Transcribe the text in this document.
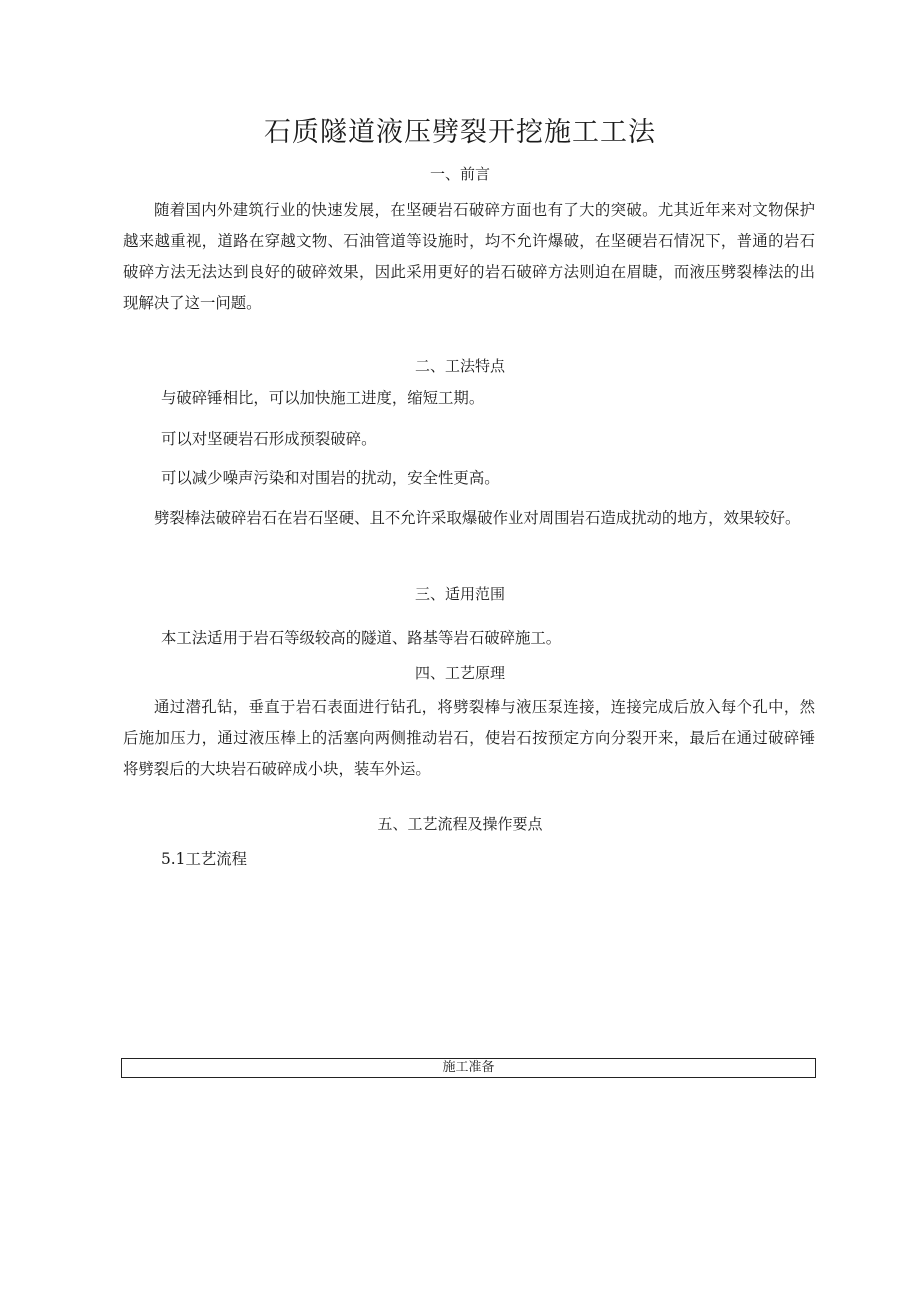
石质隧道液压劈裂开挖施工工法
一、前言

随着国内外建筑行业的快速发展，在坚硬岩石破碎方面也有了大的突破。尤其近年来对文物保护越来越重视，道路在穿越文物、石油管道等设施时，均不允许爆破，在坚硬岩石情况下，普通的岩石破碎方法无法达到良好的破碎效果，因此采用更好的岩石破碎方法则迫在眉睫，而液压劈裂棒法的出现解决了这一问题。

二、工法特点

与破碎锤相比，可以加快施工进度，缩短工期。

可以对坚硬岩石形成预裂破碎。

可以减少噪声污染和对围岩的扰动，安全性更高。

劈裂棒法破碎岩石在岩石坚硬、且不允许采取爆破作业对周围岩石造成扰动的地方，效果较好。

三、适用范围

本工法适用于岩石等级较高的隧道、路基等岩石破碎施工。

四、工艺原理

通过潜孔钻，垂直于岩石表面进行钻孔，将劈裂棒与液压泵连接，连接完成后放入每个孔中，然后施加压力，通过液压棒上的活塞向两侧推动岩石，使岩石按预定方向分裂开来，最后在通过破碎锤将劈裂后的大块岩石破碎成小块，装车外运。

五、工艺流程及操作要点

5.1工艺流程

施工准备
